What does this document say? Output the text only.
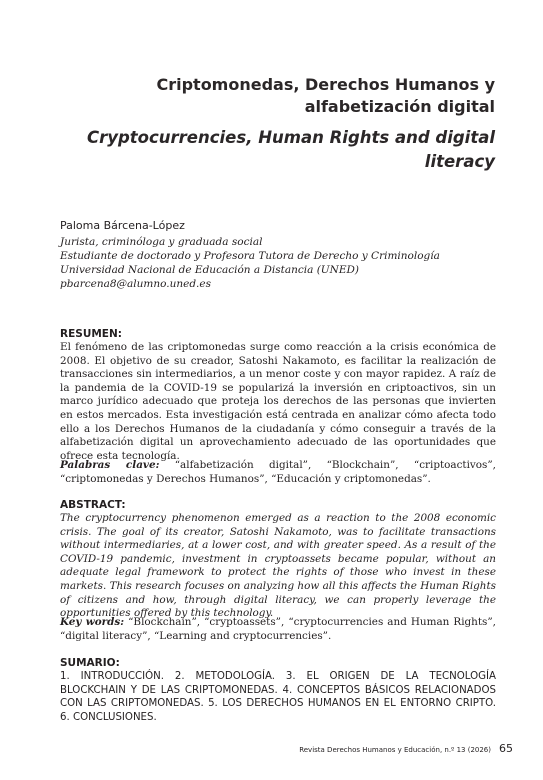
Criptomonedas, Derechos Humanos y
alfabetización digital
Cryptocurrencies, Human Rights and digital literacy
Paloma Bárcena-López
Jurista, criminóloga y graduada social
Estudiante de doctorado y Profesora Tutora de Derecho y Criminología
Universidad Nacional de Educación a Distancia (UNED)
pbarcena8@alumno.uned.es
RESUMEN:
El fenómeno de las criptomonedas surge como reacción a la crisis económica de 2008. El objetivo de su creador, Satoshi Nakamoto, es facilitar la realización de transacciones sin intermediarios, a un menor coste y con mayor rapidez. A raíz de la pandemia de la COVID-19 se popularizá la inversión en criptoactivos, sin un marco jurídico adecuado que proteja los derechos de las personas que invierten en estos mercados. Esta investigación está centrada en analizar cómo afecta todo ello a los Derechos Humanos de la ciudadanía y cómo conseguir a través de la alfabetización digital un aprovechamiento adecuado de las oportunidades que ofrece esta tecnología.
Palabras clave: “alfabetización digital”, “Blockchain”, “criptoactivos”, “criptomonedas y Derechos Humanos”, “Educación y criptomonedas”.
ABSTRACT:
The cryptocurrency phenomenon emerged as a reaction to the 2008 economic crisis. The goal of its creator, Satoshi Nakamoto, was to facilitate transactions without intermediaries, at a lower cost, and with greater speed. As a result of the COVID-19 pandemic, investment in cryptoassets became popular, without an adequate legal framework to protect the rights of those who invest in these markets. This research focuses on analyzing how all this affects the Human Rights of citizens and how, through digital literacy, we can properly leverage the opportunities offered by this technology.
Key words: “Blockchain”, “cryptoassets”, “cryptocurrencies and Human Rights”, “digital literacy”, “Learning and cryptocurrencies”.
SUMARIO:
1. INTRODUCCIÓN. 2. METODOLOGÍA. 3. EL ORIGEN DE LA TECNOLOGÍA BLOCKCHAIN Y DE LAS CRIPTOMONEDAS. 4. CONCEPTOS BÁSICOS RELACIONADOS CON LAS CRIPTOMONEDAS. 5. LOS DERECHOS HUMANOS EN EL ENTORNO CRIPTO. 6. CONCLUSIONES.
Revista Derechos Humanos y Educación, n.º 13 (2026) 65
